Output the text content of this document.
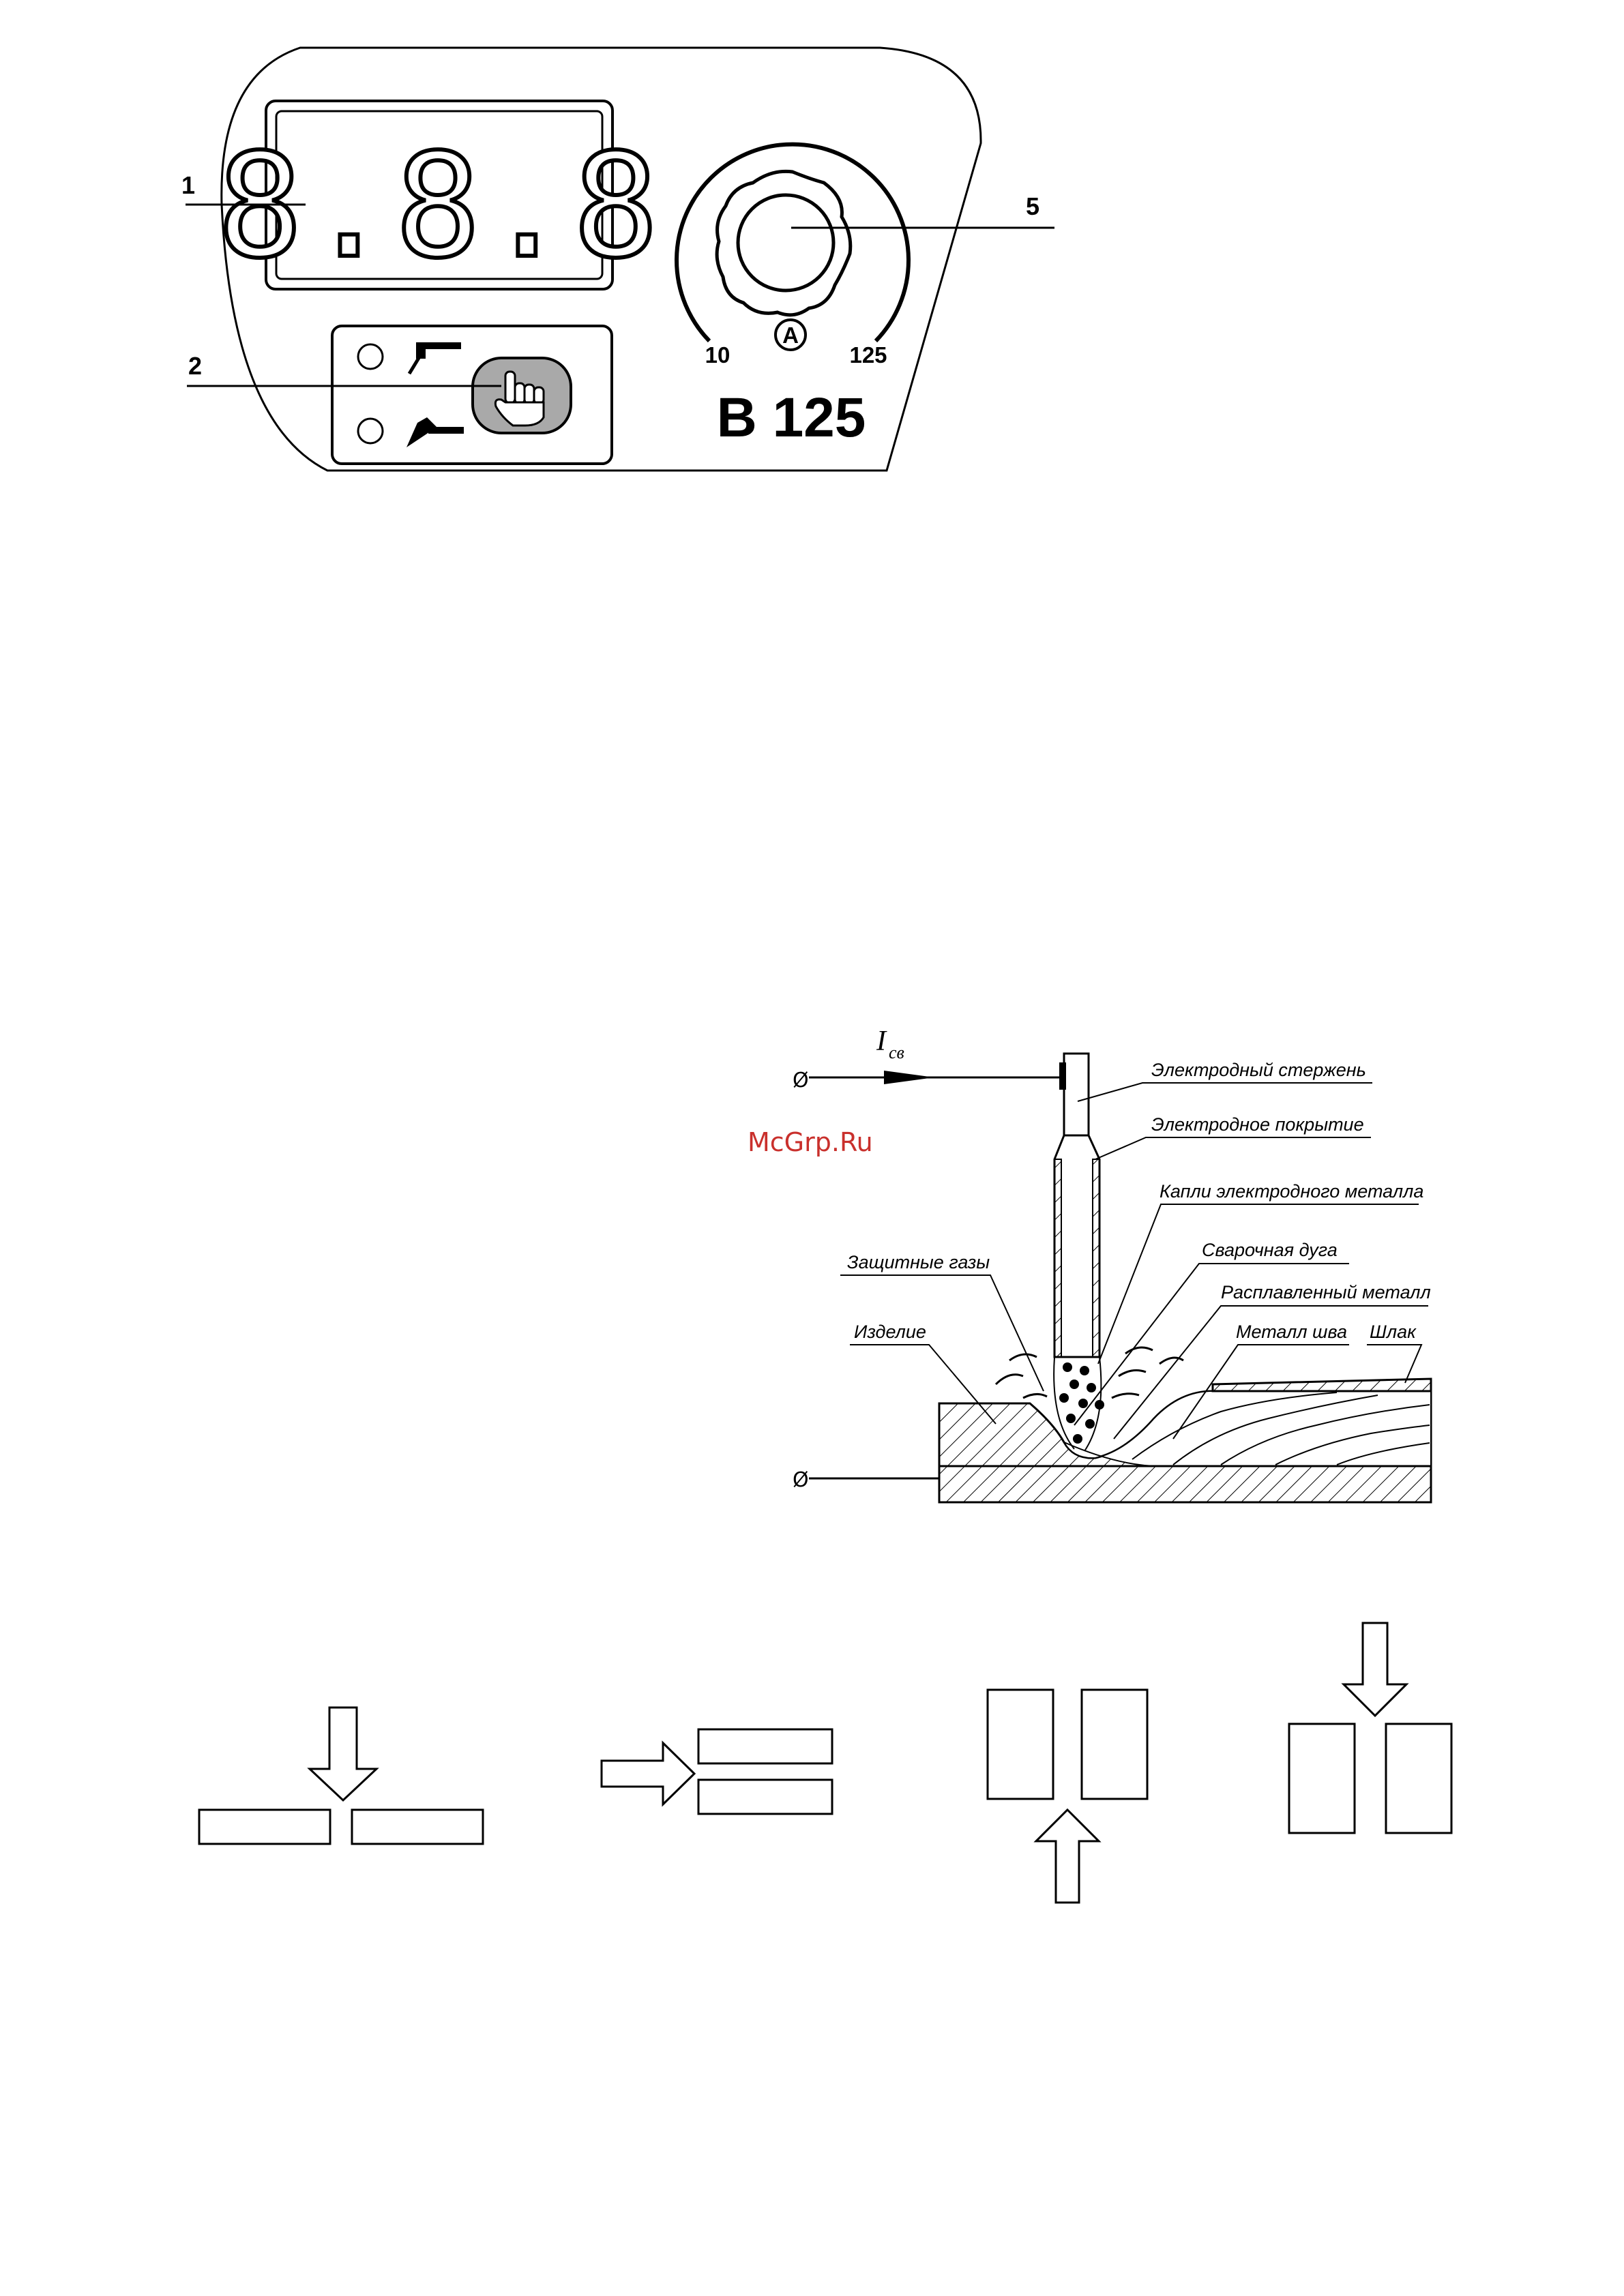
8.8.8
A
10	125
B 125
1
2
5
McGrp.Ru
Ø
I св
Ø
Электродный стержень
Электродное покрытие
Капли электродного металла
Сварочная дуга
Расплавленный металл
Металл шва Шлак
Защитные газы
Изделие
